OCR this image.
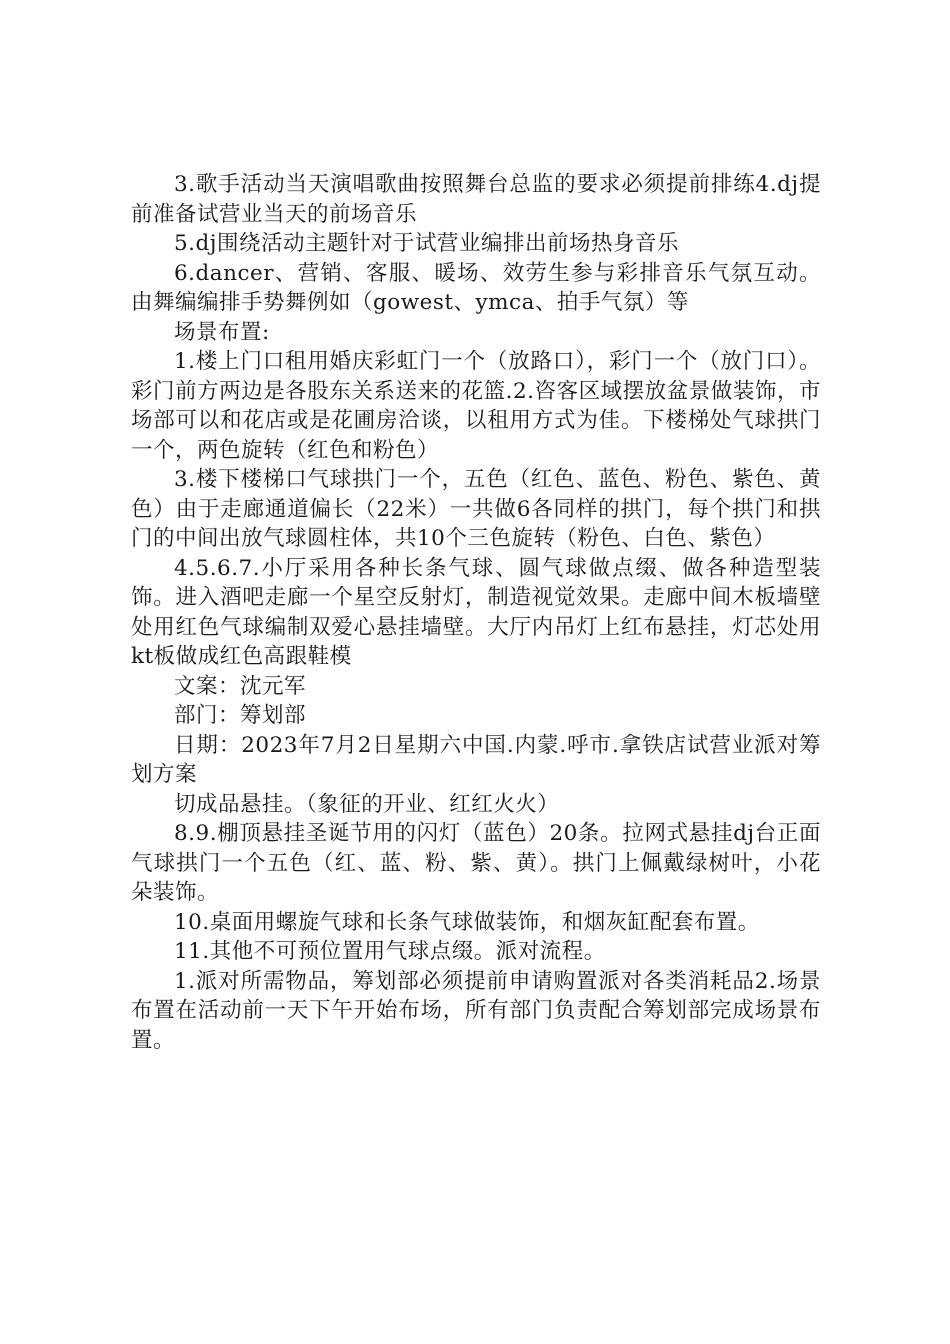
3.歌手活动当天演唱歌曲按照舞台总监的要求必须提前排练4.dj提前准备试营业当天的前场音乐

5.dj围绕活动主题针对于试营业编排出前场热身音乐

6.dancer、营销、客服、暖场、效劳生参与彩排音乐气氛互动。由舞编编排手势舞例如（gowest、ymca、拍手气氛）等

场景布置:

1.楼上门口租用婚庆彩虹门一个（放路口），彩门一个（放门口）。彩门前方两边是各股东关系送来的花篮.2.咨客区域摆放盆景做装饰，市场部可以和花店或是花圃房洽谈，以租用方式为佳。下楼梯处气球拱门一个，两色旋转（红色和粉色）

3.楼下楼梯口气球拱门一个，五色（红色、蓝色、粉色、紫色、黄色）由于走廊通道偏长（22米）一共做6各同样的拱门，每个拱门和拱门的中间出放气球圆柱体，共10个三色旋转（粉色、白色、紫色）

4.5.6.7.小厅采用各种长条气球、圆气球做点缀、做各种造型装饰。进入酒吧走廊一个星空反射灯，制造视觉效果。走廊中间木板墙壁处用红色气球编制双爱心悬挂墙壁。大厅内吊灯上红布悬挂，灯芯处用kt板做成红色高跟鞋模

文案：沈元军

部门：筹划部

日期：2023年7月2日星期六中国.内蒙.呼市.拿铁店试营业派对筹划方案

切成品悬挂。（象征的开业、红红火火）

8.9.棚顶悬挂圣诞节用的闪灯（蓝色）20条。拉网式悬挂dj台正面气球拱门一个五色（红、蓝、粉、紫、黄）。拱门上佩戴绿树叶，小花朵装饰。

10.桌面用螺旋气球和长条气球做装饰，和烟灰缸配套布置。

11.其他不可预位置用气球点缀。派对流程。

1.派对所需物品，筹划部必须提前申请购置派对各类消耗品2.场景布置在活动前一天下午开始布场，所有部门负责配合筹划部完成场景布置。
